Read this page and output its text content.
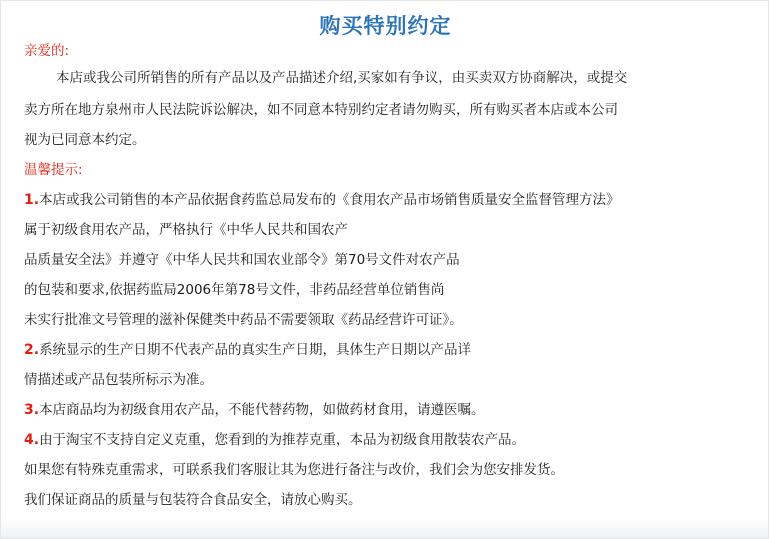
购买特别约定
亲爱的:
本店或我公司所销售的所有产品以及产品描述介绍,买家如有争议，由买卖双方协商解决，或提交
卖方所在地方泉州市人民法院诉讼解决，如不同意本特别约定者请勿购买，所有购买者本店或本公司
视为已同意本约定。
温馨提示:
1.本店或我公司销售的本产品依据食药监总局发布的《食用农产品市场销售质量安全监督管理方法》
属于初级食用农产品，严格执行《中华人民共和国农产
品质量安全法》并遵守《中华人民共和国农业部令》第70号文件对农产品
的包装和要求,依据药监局2006年第78号文件，非药品经营单位销售尚
未实行批准文号管理的滋补保健类中药品不需要领取《药品经营许可证》。
2.系统显示的生产日期不代表产品的真实生产日期，具体生产日期以产品详
情描述或产品包装所标示为准。
3.本店商品均为初级食用农产品，不能代替药物，如做药材食用，请遵医嘱。
4.由于淘宝不支持自定义克重，您看到的为推荐克重，本品为初级食用散装农产品。
如果您有特殊克重需求，可联系我们客服让其为您进行备注与改价，我们会为您安排发货。
我们保证商品的质量与包装符合食品安全，请放心购买。
